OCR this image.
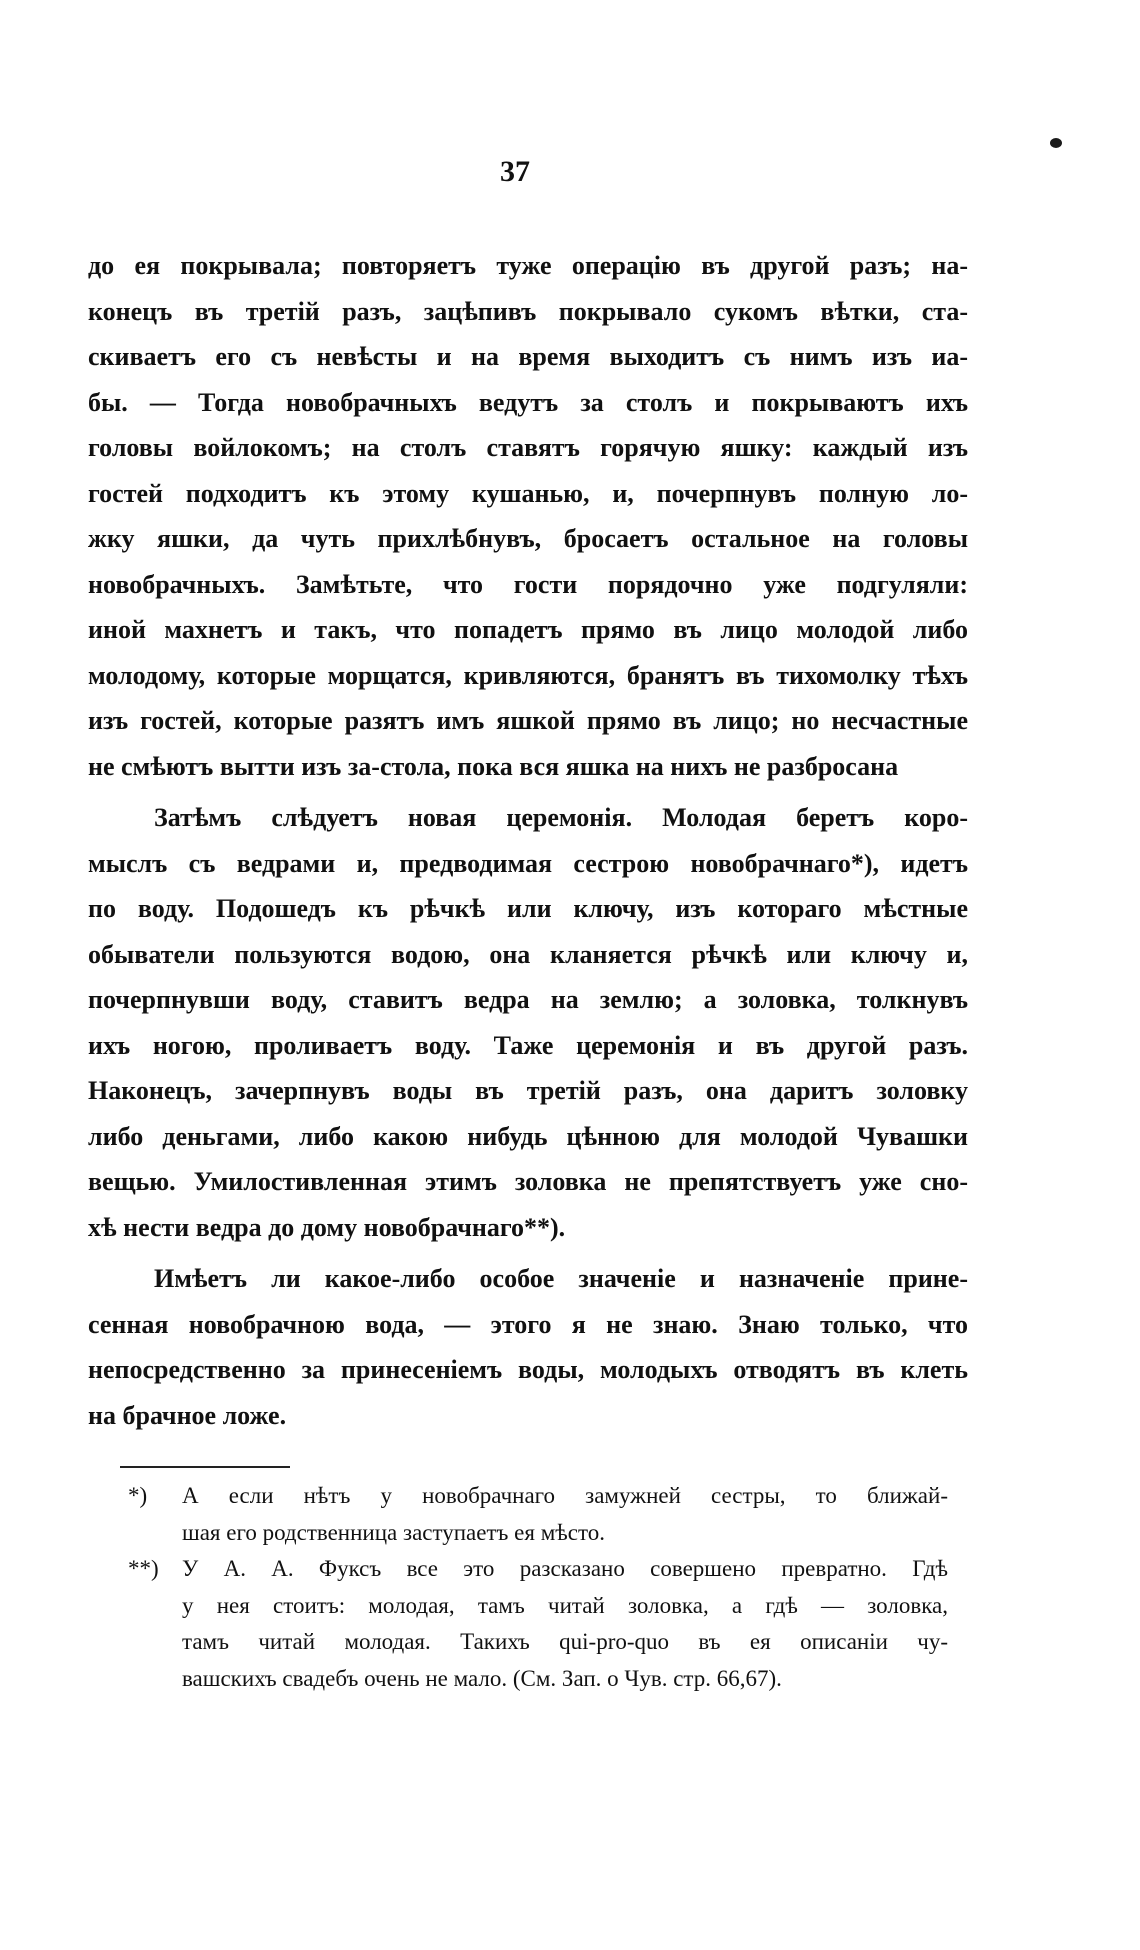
37
до ея покрывала; повторяетъ туже операцію въ другой разъ; на-
конецъ въ третій разъ, зацѣпивъ покрывало сукомъ вѣтки, ста-
скиваетъ его съ невѣсты и на время выходитъ съ нимъ изъ иа-
бы. — Тогда новобрачныхъ ведутъ за столъ и покрываютъ ихъ
головы войлокомъ; на столъ ставятъ горячую яшку: каждый изъ
гостей подходитъ къ этому кушанью, и, почерпнувъ полную ло-
жку яшки, да чуть прихлѣбнувъ, бросаетъ остальное на головы
новобрачныхъ. Замѣтьте, что гости порядочно уже подгуляли:
иной махнетъ и такъ, что попадетъ прямо въ лицо молодой либо
молодому, которые морщатся, кривляются, бранятъ въ тихомолку тѣхъ
изъ гостей, которые разятъ имъ яшкой прямо въ лицо; но несчастные
не смѣютъ вытти изъ за-стола, пока вся яшка на нихъ не разбросана
Затѣмъ слѣдуетъ новая церемонія. Молодая беретъ коро-
мыслъ съ ведрами и, предводимая сестрою новобрачнаго*), идетъ
по воду. Подошедъ къ рѣчкѣ или ключу, изъ котораго мѣстные
обыватели пользуются водою, она кланяется рѣчкѣ или ключу и,
почерпнувши воду, ставитъ ведра на землю; а золовка, толкнувъ
ихъ ногою, проливаетъ воду. Таже церемонія и въ другой разъ.
Наконецъ, зачерпнувъ воды въ третій разъ, она даритъ золовку
либо деньгами, либо какою нибудь цѣнною для молодой Чувашки
вещью. Умилостивленная этимъ золовка не препятствуетъ уже сно-
хѣ нести ведра до дому новобрачнаго**).
Имѣетъ ли какое-либо особое значеніе и назначеніе прине-
сенная новобрачною вода, — этого я не знаю. Знаю только, что
непосредственно за принесеніемъ воды, молодыхъ отводятъ въ клеть
на брачное ложе.
*) А если нѣтъ у новобрачнаго замужней сестры, то ближай-
шая его родственница заступаетъ ея мѣсто.
**) У А. А. Фуксъ все это разсказано совершено превратно. Гдѣ
у нея стоитъ: молодая, тамъ читай золовка, а гдѣ — золовка,
тамъ читай молодая. Такихъ qui-pro-quo въ ея описаніи чу-
вашскихъ свадебъ очень не мало. (См. Зап. о Чув. стр. 66,67).
